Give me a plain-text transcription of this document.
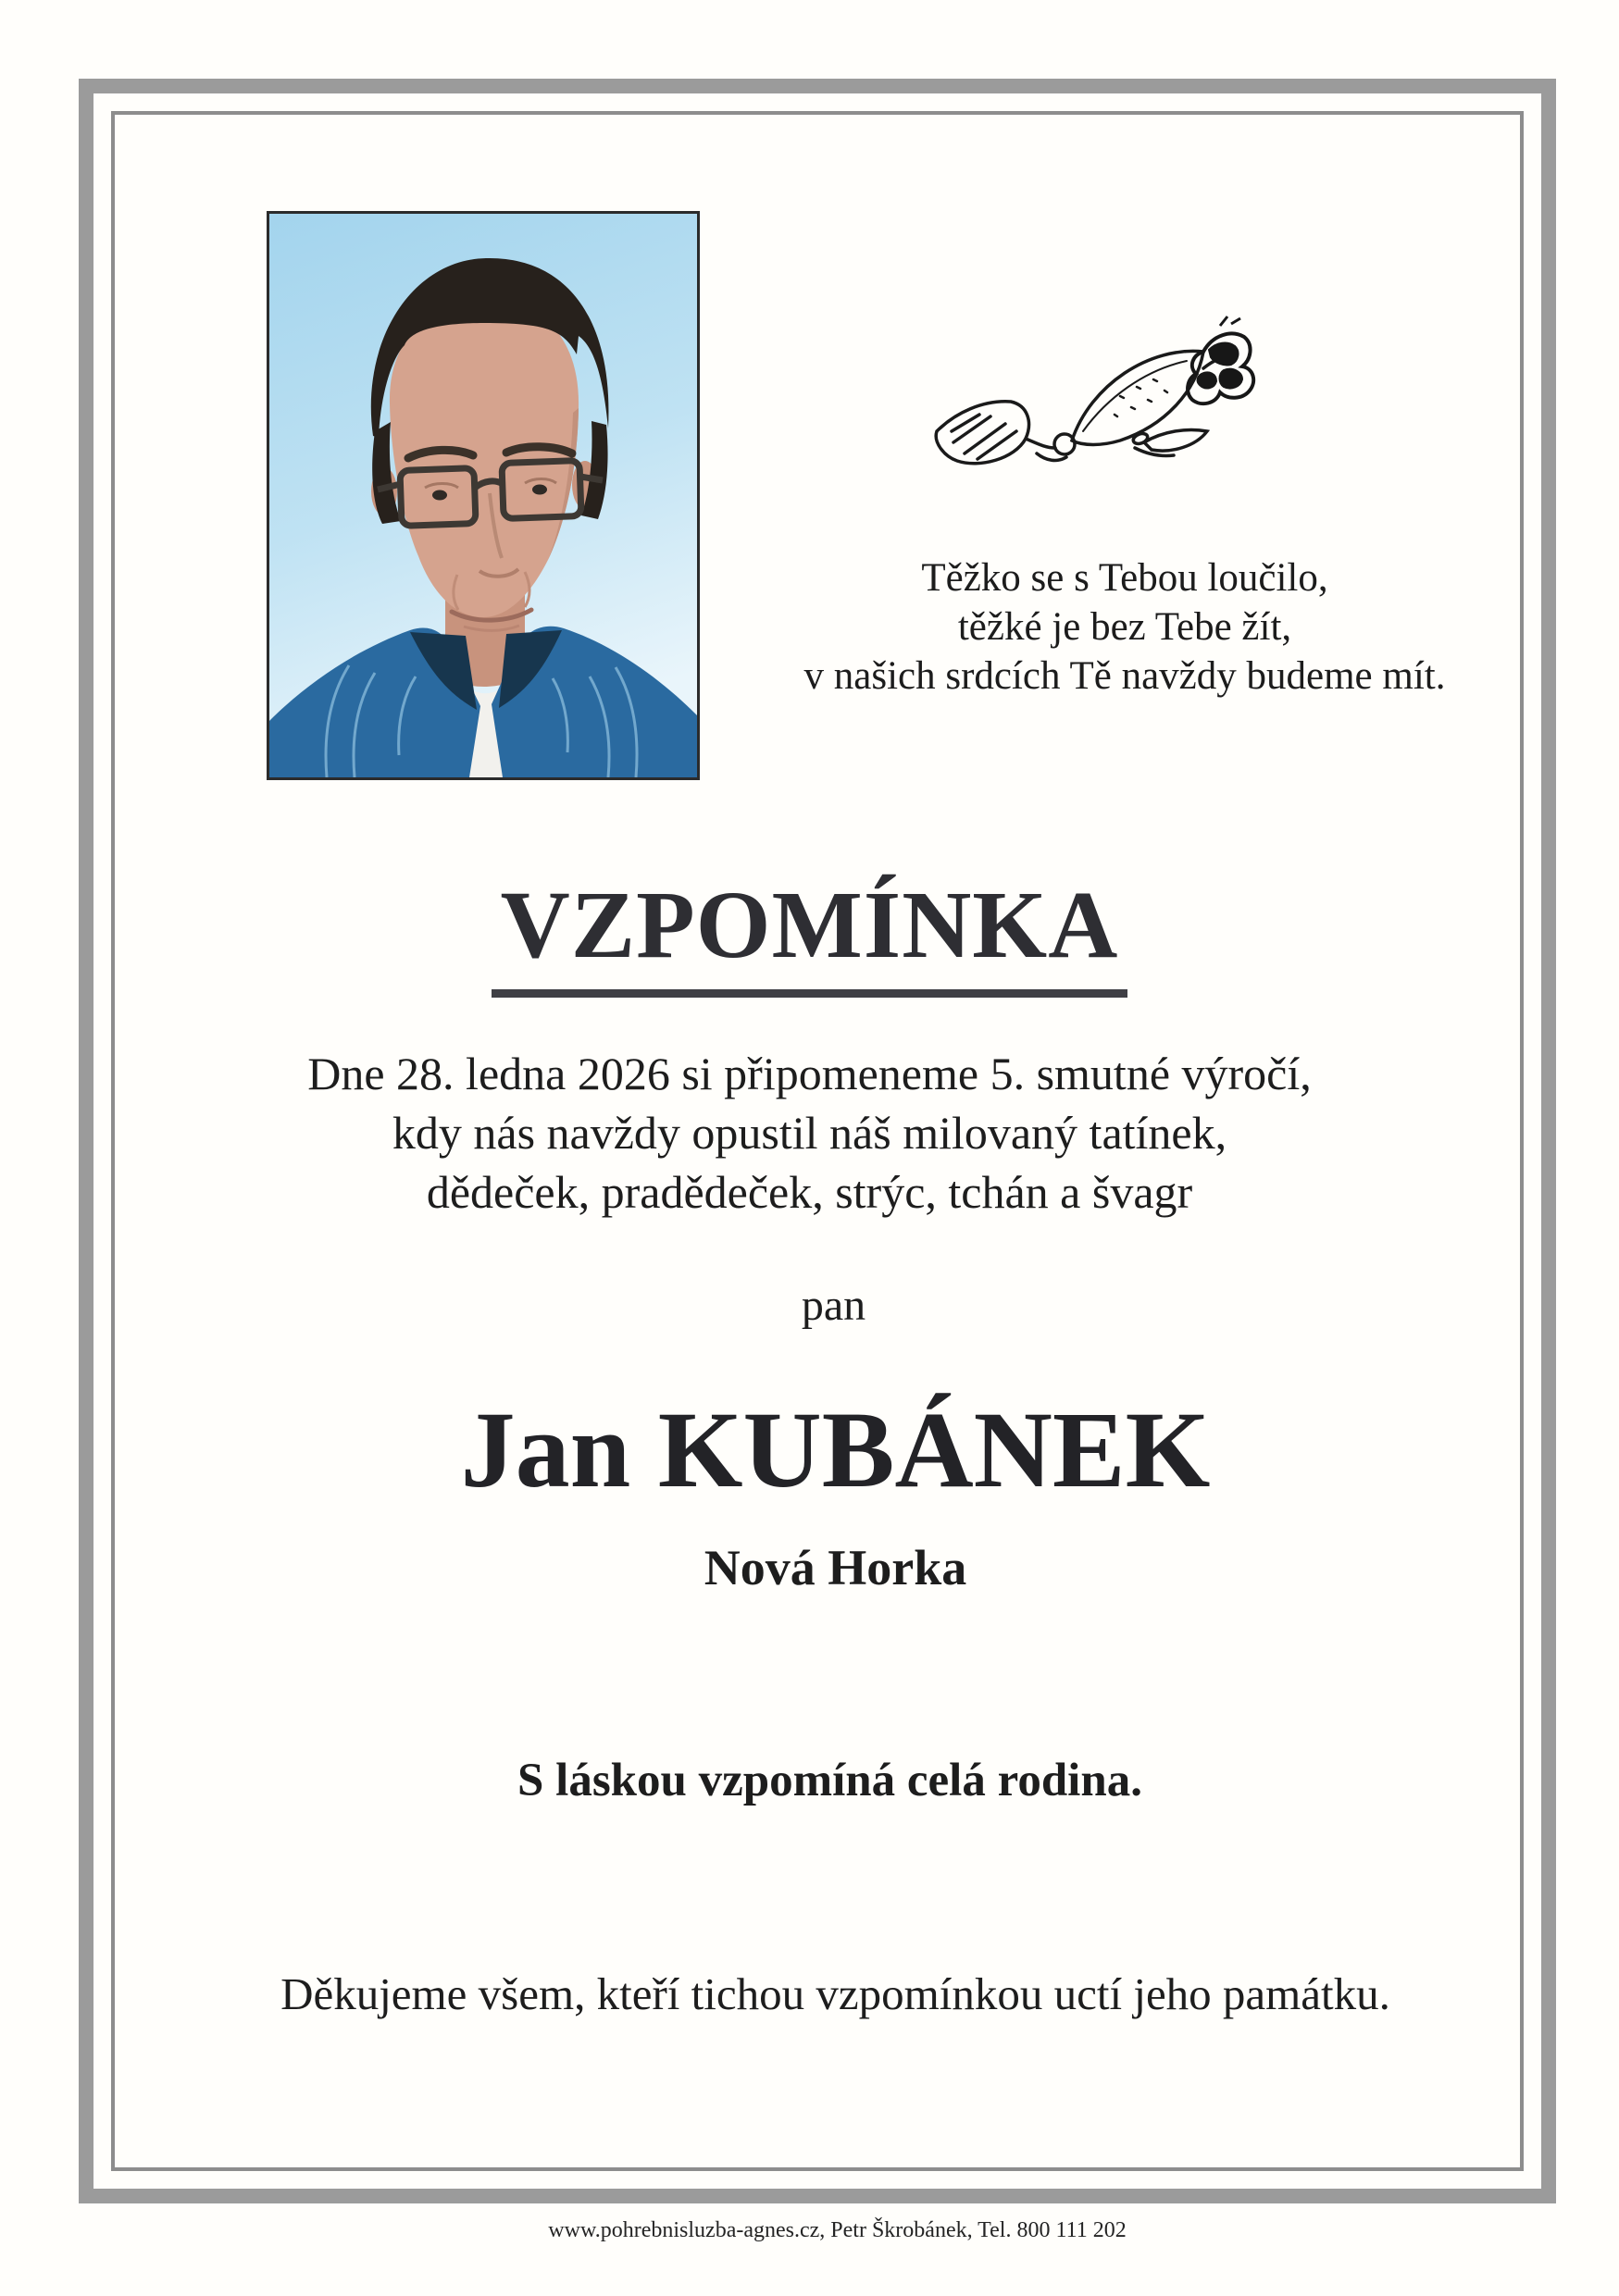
Těžko se s Tebou loučilo,
těžké je bez Tebe žít,
v našich srdcích Tě navždy budeme mít.
VZPOMÍNKA
Dne 28. ledna 2026 si připomeneme 5. smutné výročí,
kdy nás navždy opustil náš milovaný tatínek,
dědeček, pradědeček, strýc, tchán a švagr
pan
Jan KUBÁNEK
Nová Horka
S láskou vzpomíná celá rodina.
Děkujeme všem, kteří tichou vzpomínkou uctí jeho památku.
www.pohrebnisluzba-agnes.cz, Petr Škrobánek, Tel. 800 111 202
